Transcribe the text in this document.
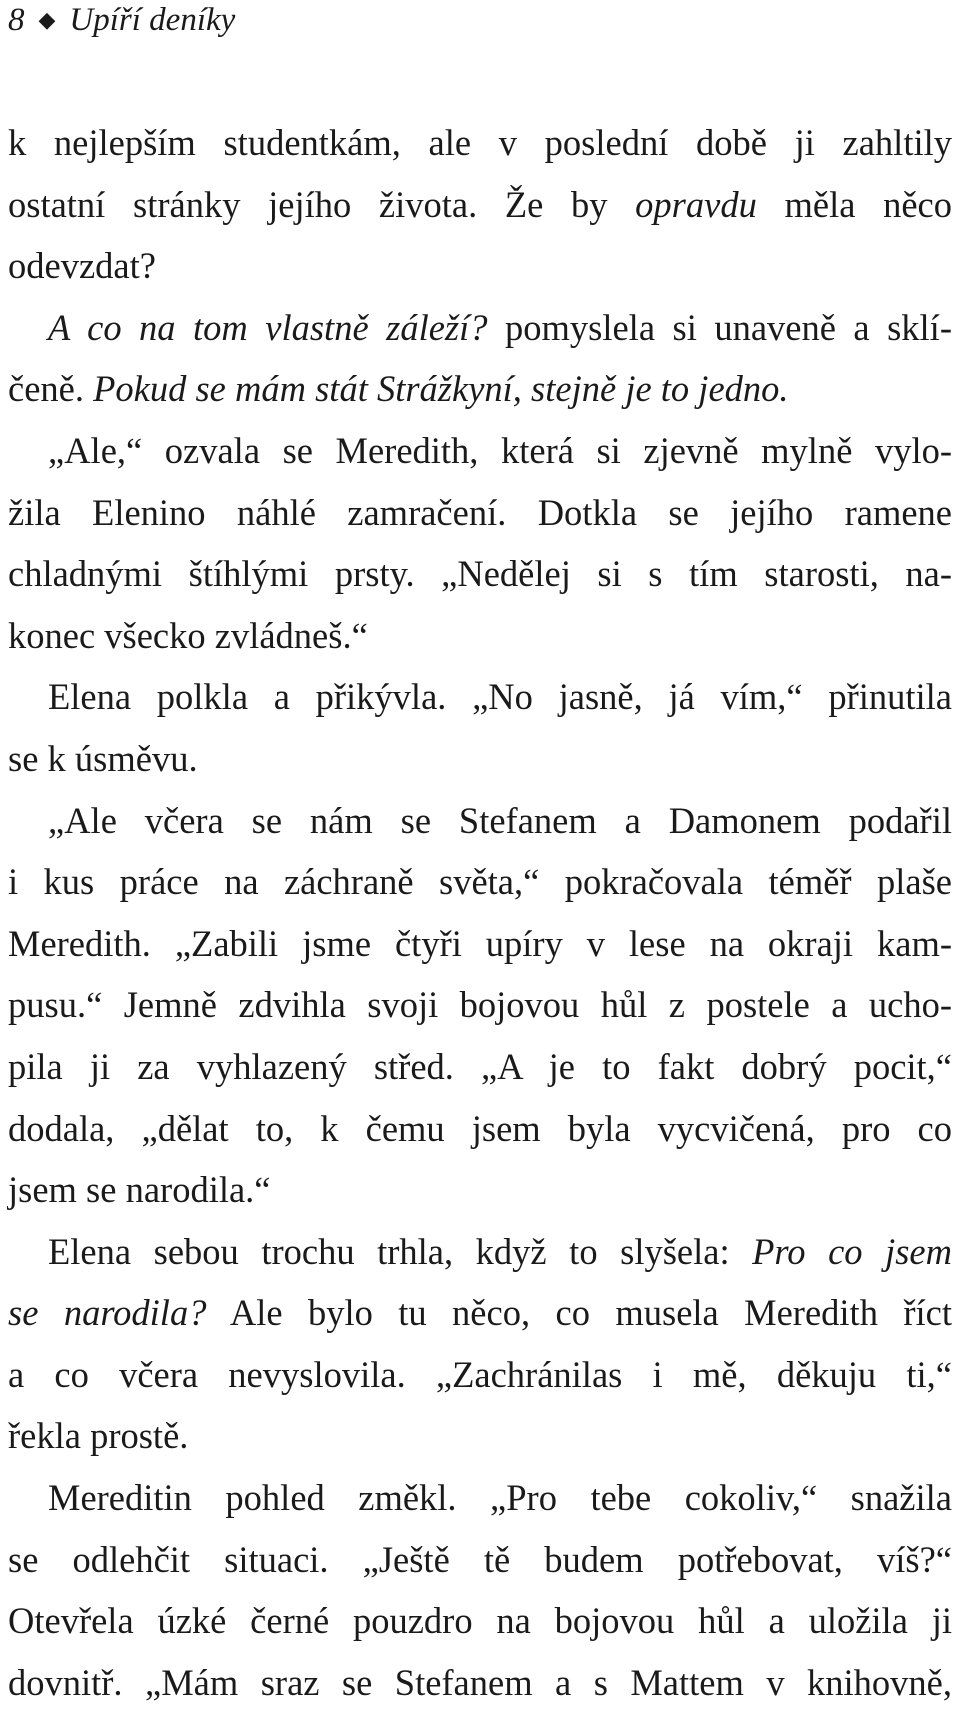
8 ◆ Upíří deníky
k nejlepším studentkám, ale v poslední době ji zahltily
ostatní stránky jejího života. Že by opravdu měla něco
odevzdat?
A co na tom vlastně záleží? pomyslela si unaveně a sklí-
čeně. Pokud se mám stát Strážkyní, stejně je to jedno.
„Ale,“ ozvala se Meredith, která si zjevně mylně vylo-
žila Elenino náhlé zamračení. Dotkla se jejího ramene
chladnými štíhlými prsty. „Nedělej si s tím starosti, na-
konec všecko zvládneš.“
Elena polkla a přikývla. „No jasně, já vím,“ přinutila
se k úsměvu.
„Ale včera se nám se Stefanem a Damonem podařil
i kus práce na záchraně světa,“ pokračovala téměř plaše
Meredith. „Zabili jsme čtyři upíry v lese na okraji kam-
pusu.“ Jemně zdvihla svoji bojovou hůl z postele a ucho-
pila ji za vyhlazený střed. „A je to fakt dobrý pocit,“
dodala, „dělat to, k čemu jsem byla vycvičená, pro co
jsem se narodila.“
Elena sebou trochu trhla, když to slyšela: Pro co jsem
se narodila? Ale bylo tu něco, co musela Meredith říct
a co včera nevyslovila. „Zachránilas i mě, děkuju ti,“
řekla prostě.
Mereditin pohled změkl. „Pro tebe cokoliv,“ snažila
se odlehčit situaci. „Ještě tě budem potřebovat, víš?“
Otevřela úzké černé pouzdro na bojovou hůl a uložila ji
dovnitř. „Mám sraz se Stefanem a s Mattem v knihovně,
